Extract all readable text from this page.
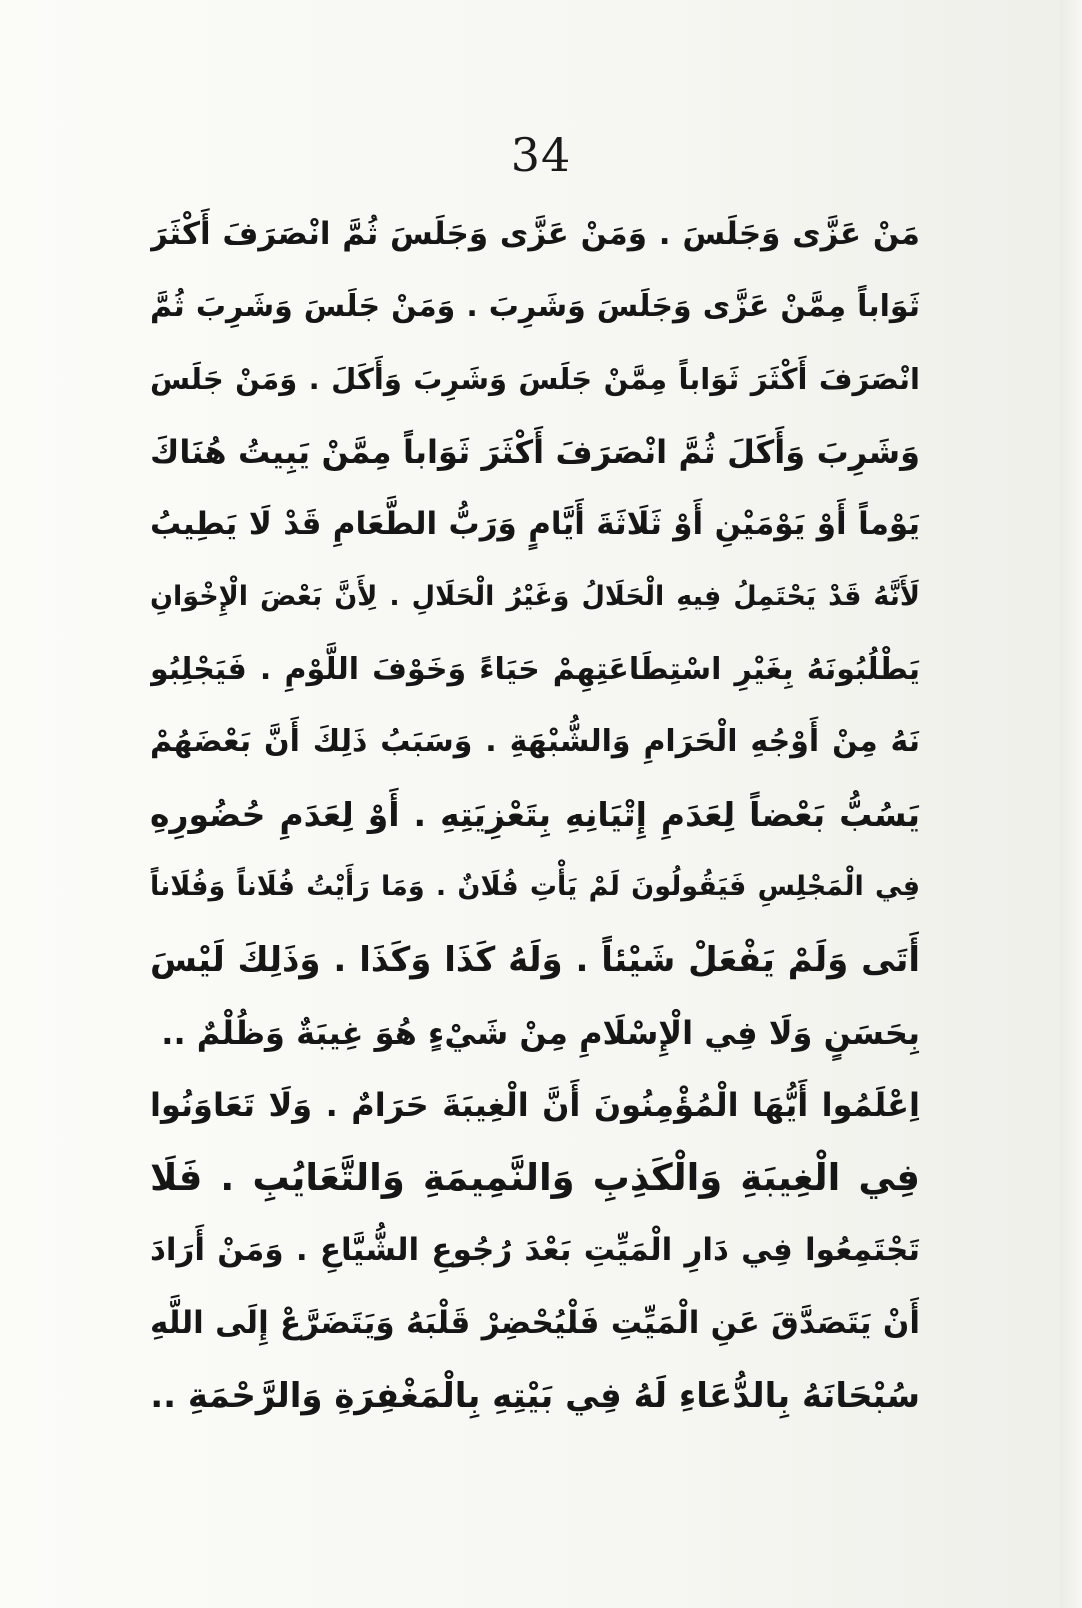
34
مَنْ عَزَّى وَجَلَسَ . وَمَنْ عَزَّى وَجَلَسَ ثُمَّ انْصَرَفَ أَكْثَرَ
ثَوَاباً مِمَّنْ عَزَّى وَجَلَسَ وَشَرِبَ . وَمَنْ جَلَسَ وَشَرِبَ ثُمَّ
انْصَرَفَ أَكْثَرَ ثَوَاباً مِمَّنْ جَلَسَ وَشَرِبَ وَأَكَلَ . وَمَنْ جَلَسَ
وَشَرِبَ وَأَكَلَ ثُمَّ انْصَرَفَ أَكْثَرَ ثَوَاباً مِمَّنْ يَبِيتُ هُنَاكَ
يَوْماً أَوْ يَوْمَيْنِ أَوْ ثَلَاثَةَ أَيَّامٍ وَرَبُّ الطَّعَامِ قَدْ لَا يَطِيبُ
لَأَنَّهُ قَدْ يَحْتَمِلُ فِيهِ الْحَلَالُ وَغَيْرُ الْحَلَالِ . لِأَنَّ بَعْضَ الْإِخْوَانِ
يَطْلُبُونَهُ بِغَيْرِ اسْتِطَاعَتِهِمْ حَيَاءً وَخَوْفَ اللَّوْمِ . فَيَجْلِبُو
نَهُ مِنْ أَوْجُهِ الْحَرَامِ وَالشُّبْهَةِ . وَسَبَبُ ذَلِكَ أَنَّ بَعْضَهُمْ
يَسُبُّ بَعْضاً لِعَدَمِ إِتْيَانِهِ بِتَعْزِيَتِهِ . أَوْ لِعَدَمِ حُضُورِهِ
فِي الْمَجْلِسِ فَيَقُولُونَ لَمْ يَأْتِ فُلَانٌ . وَمَا رَأَيْتُ فُلَاناً وَفُلَاناً
أَتَى وَلَمْ يَفْعَلْ شَيْئاً . وَلَهُ كَذَا وَكَذَا . وَذَلِكَ لَيْسَ
بِحَسَنٍ وَلَا فِي الْإِسْلَامِ مِنْ شَيْءٍ هُوَ غِيبَةٌ وَظُلْمٌ ..
اِعْلَمُوا أَيُّهَا الْمُؤْمِنُونَ أَنَّ الْغِيبَةَ حَرَامٌ . وَلَا تَعَاوَنُوا
فِي الْغِيبَةِ وَالْكَذِبِ وَالنَّمِيمَةِ وَالتَّعَايُبِ . فَلَا
تَجْتَمِعُوا فِي دَارِ الْمَيِّتِ بَعْدَ رُجُوعِ الشُّيَّاعِ . وَمَنْ أَرَادَ
أَنْ يَتَصَدَّقَ عَنِ الْمَيِّتِ فَلْيُحْضِرْ قَلْبَهُ وَيَتَضَرَّعْ إِلَى اللَّهِ
سُبْحَانَهُ بِالدُّعَاءِ لَهُ فِي بَيْتِهِ بِالْمَغْفِرَةِ وَالرَّحْمَةِ ..
